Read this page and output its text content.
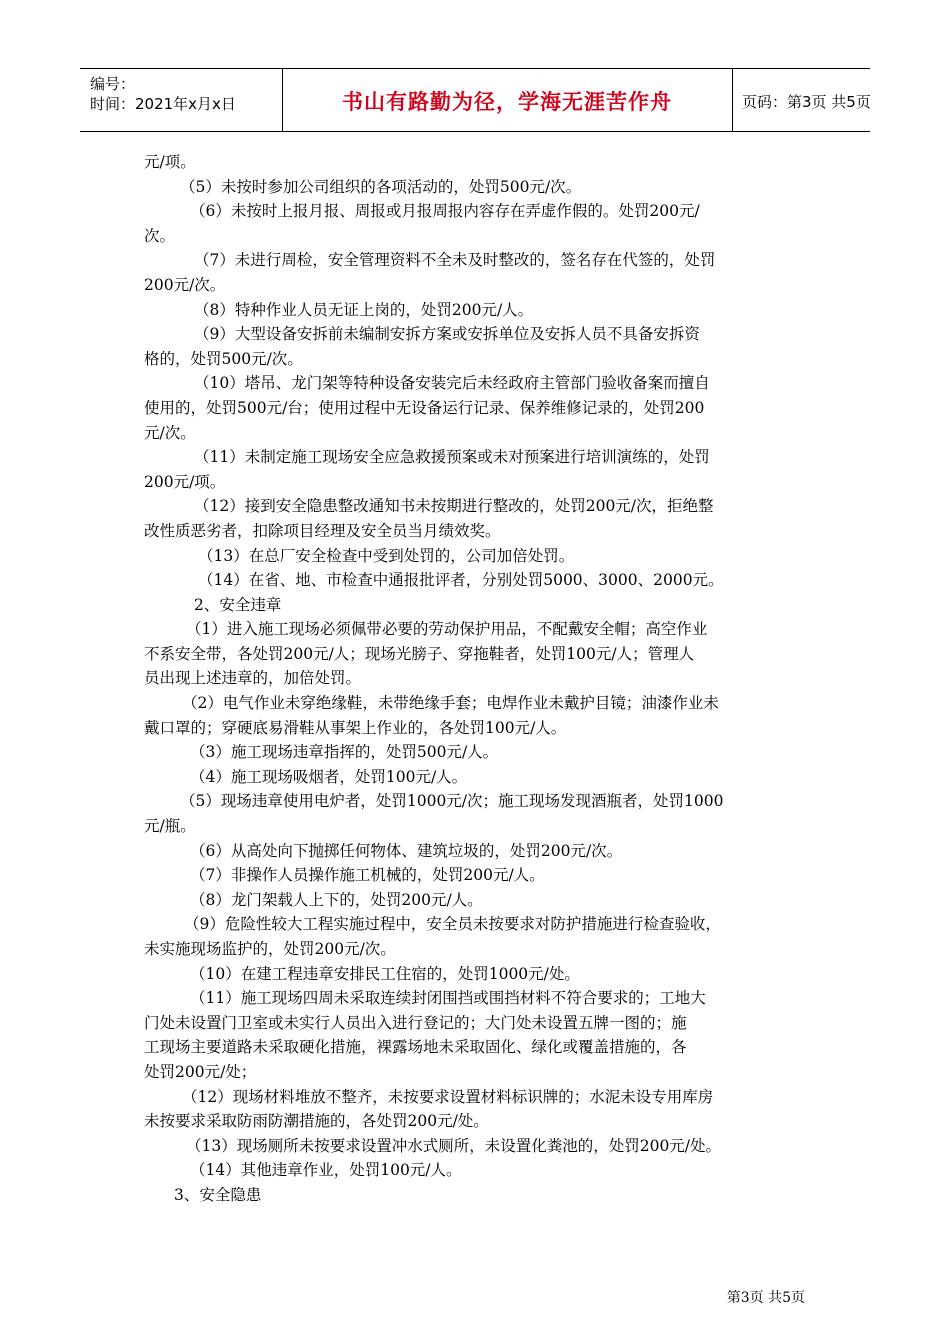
编号：
时间：2021年x月x日	书山有路勤为径，学海无涯苦作舟	页码：第3页 共5页

元/项。

（5）未按时参加公司组织的各项活动的，处罚500元/次。

（6）未按时上报月报、周报或月报周报内容存在弄虚作假的。处罚200元/

次。

（7）未进行周检，安全管理资料不全未及时整改的，签名存在代签的，处罚

200元/次。

（8）特种作业人员无证上岗的，处罚200元/人。

（9）大型设备安拆前未编制安拆方案或安拆单位及安拆人员不具备安拆资

格的，处罚500元/次。

（10）塔吊、龙门架等特种设备安装完后未经政府主管部门验收备案而擅自

使用的，处罚500元/台；使用过程中无设备运行记录、保养维修记录的，处罚200

元/次。

（11）未制定施工现场安全应急救援预案或未对预案进行培训演练的，处罚

200元/项。

（12）接到安全隐患整改通知书未按期进行整改的，处罚200元/次，拒绝整

改性质恶劣者，扣除项目经理及安全员当月绩效奖。

（13）在总厂安全检查中受到处罚的，公司加倍处罚。

（14）在省、地、市检查中通报批评者，分别处罚5000、3000、2000元。

2、安全违章

（1）进入施工现场必须佩带必要的劳动保护用品，不配戴安全帽；高空作业

不系安全带，各处罚200元/人；现场光膀子、穿拖鞋者，处罚100元/人；管理人

员出现上述违章的，加倍处罚。

（2）电气作业未穿绝缘鞋，未带绝缘手套；电焊作业未戴护目镜；油漆作业未

戴口罩的；穿硬底易滑鞋从事架上作业的，各处罚100元/人。

（3）施工现场违章指挥的，处罚500元/人。

（4）施工现场吸烟者，处罚100元/人。

（5）现场违章使用电炉者，处罚1000元/次；施工现场发现酒瓶者，处罚1000

元/瓶。

（6）从高处向下抛掷任何物体、建筑垃圾的，处罚200元/次。

（7）非操作人员操作施工机械的，处罚200元/人。

（8）龙门架载人上下的，处罚200元/人。

（9）危险性较大工程实施过程中，安全员未按要求对防护措施进行检查验收，

未实施现场监护的，处罚200元/次。

（10）在建工程违章安排民工住宿的，处罚1000元/处。

（11）施工现场四周未采取连续封闭围挡或围挡材料不符合要求的；工地大

门处未设置门卫室或未实行人员出入进行登记的；大门处未设置五牌一图的；施

工现场主要道路未采取硬化措施，裸露场地未采取固化、绿化或覆盖措施的，各

处罚200元/处；

（12）现场材料堆放不整齐，未按要求设置材料标识牌的；水泥未设专用库房

未按要求采取防雨防潮措施的，各处罚200元/处。

（13）现场厕所未按要求设置冲水式厕所，未设置化粪池的，处罚200元/处。

（14）其他违章作业，处罚100元/人。

3、安全隐患

第3页 共5页
